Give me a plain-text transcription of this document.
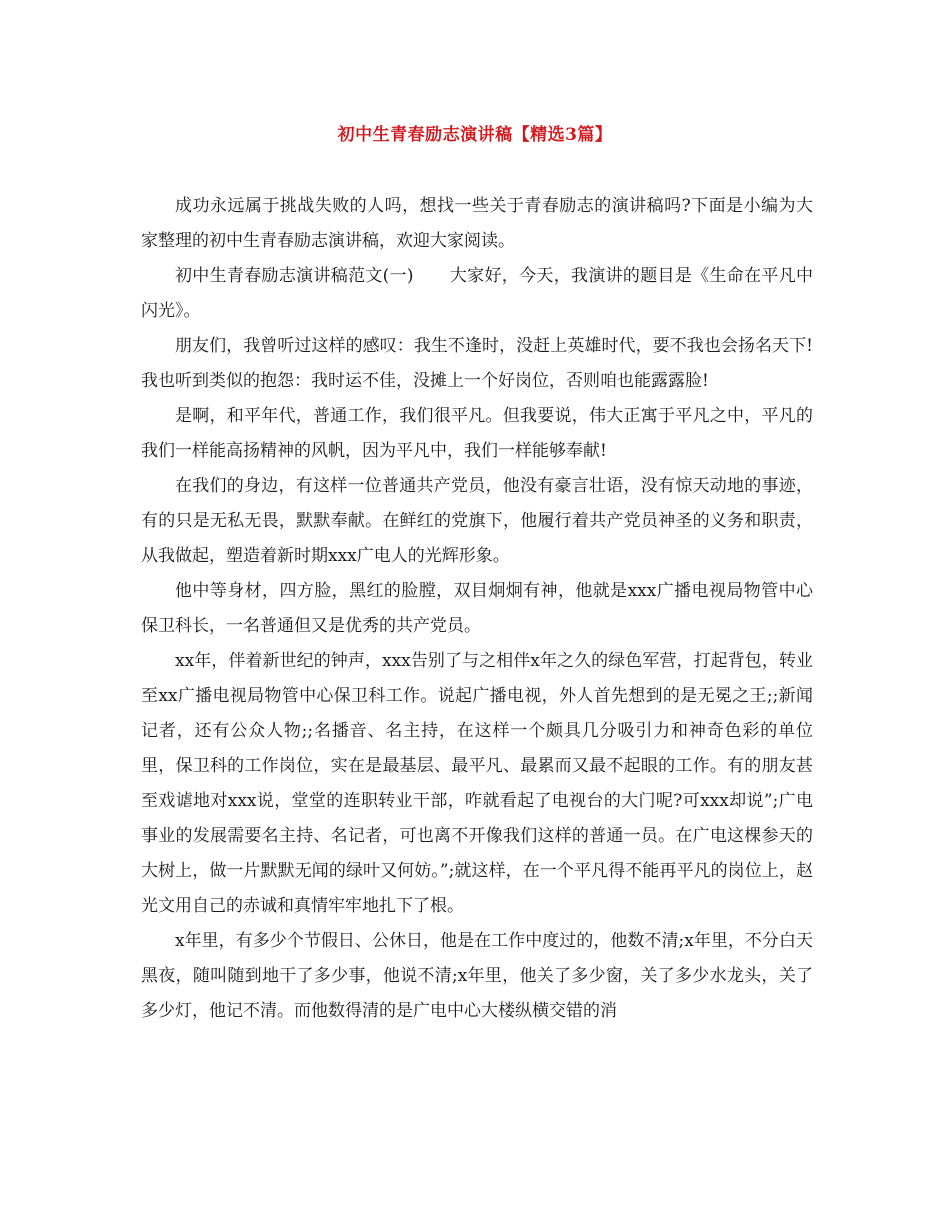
初中生青春励志演讲稿【精选3篇】

成功永远属于挑战失败的人吗，想找一些关于青春励志的演讲稿吗?下面是小编为大家整理的初中生青春励志演讲稿，欢迎大家阅读。

初中生青春励志演讲稿范文(一) 大家好，今天，我演讲的题目是《生命在平凡中闪光》。

朋友们，我曾听过这样的感叹：我生不逢时，没赶上英雄时代，要不我也会扬名天下!我也听到类似的抱怨：我时运不佳，没摊上一个好岗位，否则咱也能露露脸!

是啊，和平年代，普通工作，我们很平凡。但我要说，伟大正寓于平凡之中，平凡的我们一样能高扬精神的风帆，因为平凡中，我们一样能够奉献!

在我们的身边，有这样一位普通共产党员，他没有豪言壮语，没有惊天动地的事迹，有的只是无私无畏，默默奉献。在鲜红的党旗下，他履行着共产党员神圣的义务和职责，从我做起，塑造着新时期xxx广电人的光辉形象。

他中等身材，四方脸，黑红的脸膛，双目炯炯有神，他就是xxx广播电视局物管中心保卫科长，一名普通但又是优秀的共产党员。

xx年，伴着新世纪的钟声，xxx告别了与之相伴x年之久的绿色军营，打起背包，转业至xx广播电视局物管中心保卫科工作。说起广播电视，外人首先想到的是无冕之王;;新闻记者，还有公众人物;;名播音、名主持，在这样一个颇具几分吸引力和神奇色彩的单位里，保卫科的工作岗位，实在是最基层、最平凡、最累而又最不起眼的工作。有的朋友甚至戏谑地对xxx说，堂堂的连职转业干部，咋就看起了电视台的大门呢?可xxx却说”;广电事业的发展需要名主持、名记者，可也离不开像我们这样的普通一员。在广电这棵参天的大树上，做一片默默无闻的绿叶又何妨。”;就这样，在一个平凡得不能再平凡的岗位上，赵光文用自己的赤诚和真情牢牢地扎下了根。

x年里，有多少个节假日、公休日，他是在工作中度过的，他数不清;x年里，不分白天黑夜，随叫随到地干了多少事，他说不清;x年里，他关了多少窗，关了多少水龙头，关了多少灯，他记不清。而他数得清的是广电中心大楼纵横交错的消
